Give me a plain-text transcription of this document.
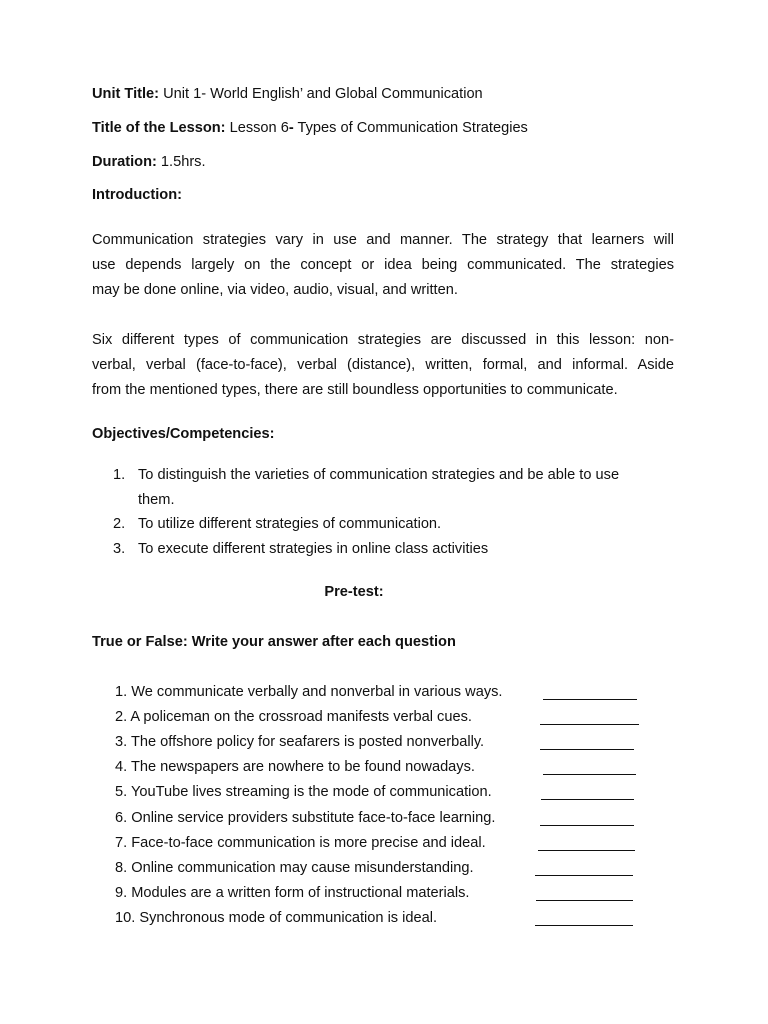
Unit Title: Unit 1- World English’ and Global Communication
Title of the Lesson: Lesson 6- Types of Communication Strategies
Duration: 1.5hrs.
Introduction:
Communication strategies vary in use and manner. The strategy that learners will
use depends largely on the concept or idea being communicated. The strategies
may be done online, via video, audio, visual, and written.
Six different types of communication strategies are discussed in this lesson: non-
verbal, verbal (face-to-face), verbal (distance), written, formal, and informal. Aside
from the mentioned types, there are still boundless opportunities to communicate.
Objectives/Competencies:
1. To distinguish the varieties of communication strategies and be able to use them.
2. To utilize different strategies of communication.
3. To execute different strategies in online class activities
Pre-test:
True or False: Write your answer after each question
1. We communicate verbally and nonverbal in various ways.
2. A policeman on the crossroad manifests verbal cues.
3. The offshore policy for seafarers is posted nonverbally.
4. The newspapers are nowhere to be found nowadays.
5. YouTube lives streaming is the mode of communication.
6. Online service providers substitute face-to-face learning.
7. Face-to-face communication is more precise and ideal.
8. Online communication may cause misunderstanding.
9. Modules are a written form of instructional materials.
10. Synchronous mode of communication is ideal.
